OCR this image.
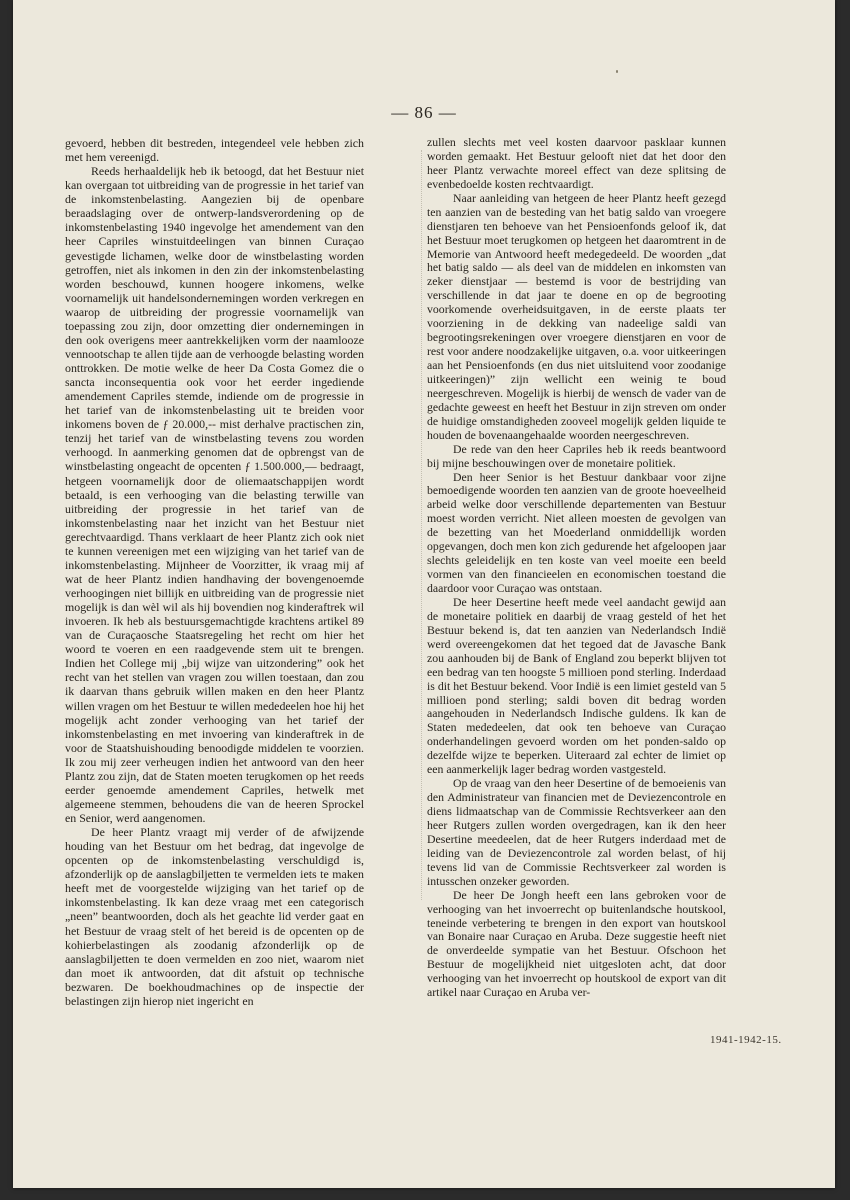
— 86 —

gevoerd, hebben dit bestreden, integendeel vele hebben zich met hem vereenigd.

Reeds herhaaldelijk heb ik betoogd, dat het Bestuur niet kan overgaan tot uitbreiding van de progressie in het tarief van de inkomstenbelasting. Aangezien bij de openbare beraadslaging over de ontwerp-landsverordening op de inkomstenbelasting 1940 ingevolge het amendement van den heer Capriles winstuitdeelingen van binnen Curaçao gevestigde lichamen, welke door de winstbelasting worden getroffen, niet als inkomen in den zin der inkomstenbelasting worden beschouwd, kunnen hoogere inkomens, welke voornamelijk uit handelsondernemingen worden verkregen en waarop de uitbreiding der progressie voornamelijk van toepassing zou zijn, door omzetting dier ondernemingen in den ook overigens meer aantrekkelijken vorm der naamlooze vennootschap te allen tijde aan de verhoogde belasting worden onttrokken. De motie welke de heer Da Costa Gomez die o sancta inconsequentia ook voor het eerder ingediende amendement Capriles stemde, indiende om de progressie in het tarief van de inkomstenbelasting uit te breiden voor inkomens boven de ƒ 20.000,-- mist derhalve practischen zin, tenzij het tarief van de winstbelasting tevens zou worden verhoogd. In aanmerking genomen dat de opbrengst van de winstbelasting ongeacht de opcenten ƒ 1.500.000,— bedraagt, hetgeen voornamelijk door de oliemaatschappijen wordt betaald, is een verhooging van die belasting terwille van uitbreiding der progressie in het tarief van de inkomstenbelasting naar het inzicht van het Bestuur niet gerechtvaardigd. Thans verklaart de heer Plantz zich ook niet te kunnen vereenigen met een wijziging van het tarief van de inkomstenbelasting. Mijnheer de Voorzitter, ik vraag mij af wat de heer Plantz indien handhaving der bovengenoemde verhoogingen niet billijk en uitbreiding van de progressie niet mogelijk is dan wèl wil als hij bovendien nog kinderaftrek wil invoeren. Ik heb als bestuursgemachtigde krachtens artikel 89 van de Curaçaosche Staatsregeling het recht om hier het woord te voeren en een raadgevende stem uit te brengen. Indien het College mij „bij wijze van uitzondering” ook het recht van het stellen van vragen zou willen toestaan, dan zou ik daarvan thans gebruik willen maken en den heer Plantz willen vragen om het Bestuur te willen mededeelen hoe hij het mogelijk acht zonder verhooging van het tarief der inkomstenbelasting en met invoering van kinderaftrek in de voor de Staatshuishouding benoodigde middelen te voorzien. Ik zou mij zeer verheugen indien het antwoord van den heer Plantz zou zijn, dat de Staten moeten terugkomen op het reeds eerder genoemde amendement Capriles, hetwelk met algemeene stemmen, behoudens die van de heeren Sprockel en Senior, werd aangenomen.

De heer Plantz vraagt mij verder of de afwijzende houding van het Bestuur om het bedrag, dat ingevolge de opcenten op de inkomstenbelasting verschuldigd is, afzonderlijk op de aanslagbiljetten te vermelden iets te maken heeft met de voorgestelde wijziging van het tarief op de inkomstenbelasting. Ik kan deze vraag met een categorisch „neen” beantwoorden, doch als het geachte lid verder gaat en het Bestuur de vraag stelt of het bereid is de opcenten op de kohierbelastingen als zoodanig afzonderlijk op de aanslagbiljetten te doen vermelden en zoo niet, waarom niet dan moet ik antwoorden, dat dit afstuit op technische bezwaren. De boekhoudmachines op de inspectie der belastingen zijn hierop niet ingericht en

zullen slechts met veel kosten daarvoor pasklaar kunnen worden gemaakt. Het Bestuur gelooft niet dat het door den heer Plantz verwachte moreel effect van deze splitsing de evenbedoelde kosten rechtvaardigt.

Naar aanleiding van hetgeen de heer Plantz heeft gezegd ten aanzien van de besteding van het batig saldo van vroegere dienstjaren ten behoeve van het Pensioenfonds geloof ik, dat het Bestuur moet terugkomen op hetgeen het daaromtrent in de Memorie van Antwoord heeft medegedeeld. De woorden „dat het batig saldo — als deel van de middelen en inkomsten van zeker dienstjaar — bestemd is voor de bestrijding van verschillende in dat jaar te doene en op de begrooting voorkomende overheidsuitgaven, in de eerste plaats ter voorziening in de dekking van nadeelige saldi van begrootingsrekeningen over vroegere dienstjaren en voor de rest voor andere noodzakelijke uitgaven, o.a. voor uitkeeringen aan het Pensioenfonds (en dus niet uitsluitend voor zoodanige uitkeeringen)” zijn wellicht een weinig te boud neergeschreven. Mogelijk is hierbij de wensch de vader van de gedachte geweest en heeft het Bestuur in zijn streven om onder de huidige omstandigheden zooveel mogelijk gelden liquide te houden de bovenaangehaalde woorden neergeschreven.

De rede van den heer Capriles heb ik reeds beantwoord bij mijne beschouwingen over de monetaire politiek.

Den heer Senior is het Bestuur dankbaar voor zijne bemoedigende woorden ten aanzien van de groote hoeveelheid arbeid welke door verschillende departementen van Bestuur moest worden verricht. Niet alleen moesten de gevolgen van de bezetting van het Moederland onmiddellijk worden opgevangen, doch men kon zich gedurende het afgeloopen jaar slechts geleidelijk en ten koste van veel moeite een beeld vormen van den financieelen en economischen toestand die daardoor voor Curaçao was ontstaan.

De heer Desertine heeft mede veel aandacht gewijd aan de monetaire politiek en daarbij de vraag gesteld of het het Bestuur bekend is, dat ten aanzien van Nederlandsch Indië werd overeengekomen dat het tegoed dat de Javasche Bank zou aanhouden bij de Bank of England zou beperkt blijven tot een bedrag van ten hoogste 5 millioen pond sterling. Inderdaad is dit het Bestuur bekend. Voor Indië is een limiet gesteld van 5 millioen pond sterling; saldi boven dit bedrag worden aangehouden in Nederlandsch Indische guldens. Ik kan de Staten mededeelen, dat ook ten behoeve van Curaçao onderhandelingen gevoerd worden om het ponden-saldo op dezelfde wijze te beperken. Uiteraard zal echter de limiet op een aanmerkelijk lager bedrag worden vastgesteld.

Op de vraag van den heer Desertine of de bemoeienis van den Administrateur van financien met de Deviezencontrole en diens lidmaatschap van de Commissie Rechtsverkeer aan den heer Rutgers zullen worden overgedragen, kan ik den heer Desertine meedeelen, dat de heer Rutgers inderdaad met de leiding van de Deviezencontrole zal worden belast, of hij tevens lid van de Commissie Rechtsverkeer zal worden is intusschen onzeker geworden.

De heer De Jongh heeft een lans gebroken voor de verhooging van het invoerrecht op buitenlandsche houtskool, teneinde verbetering te brengen in den export van houtskool van Bonaire naar Curaçao en Aruba. Deze suggestie heeft niet de onverdeelde sympatie van het Bestuur. Ofschoon het Bestuur de mogelijkheid niet uitgesloten acht, dat door verhooging van het invoerrecht op houtskool de export van dit artikel naar Curaçao en Aruba ver-

1941-1942-15.
